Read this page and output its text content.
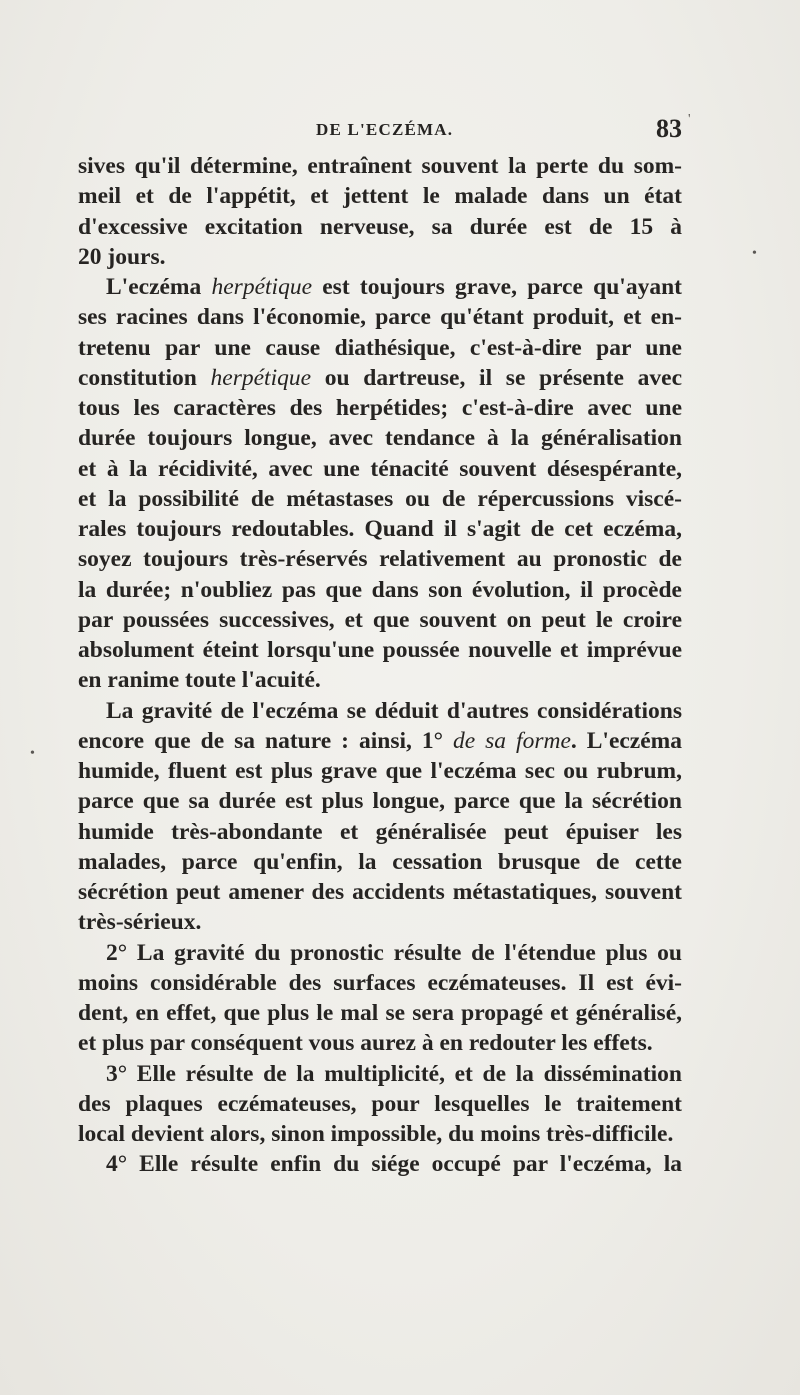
DE L'ECZÉMA.	83
sives qu'il détermine, entraînent souvent la perte du som-
meil et de l'appétit, et jettent le malade dans un état
d'excessive excitation nerveuse, sa durée est de 15 à
20 jours.
L'eczéma herpétique est toujours grave, parce qu'ayant
ses racines dans l'économie, parce qu'étant produit, et en-
tretenu par une cause diathésique, c'est-à-dire par une
constitution herpétique ou dartreuse, il se présente avec
tous les caractères des herpétides; c'est-à-dire avec une
durée toujours longue, avec tendance à la généralisation
et à la récidivité, avec une ténacité souvent désespérante,
et la possibilité de métastases ou de répercussions viscé-
rales toujours redoutables. Quand il s'agit de cet eczéma,
soyez toujours très-réservés relativement au pronostic de
la durée; n'oubliez pas que dans son évolution, il procède
par poussées successives, et que souvent on peut le croire
absolument éteint lorsqu'une poussée nouvelle et imprévue
en ranime toute l'acuité.
La gravité de l'eczéma se déduit d'autres considérations
encore que de sa nature : ainsi, 1° de sa forme. L'eczéma
humide, fluent est plus grave que l'eczéma sec ou rubrum,
parce que sa durée est plus longue, parce que la sécrétion
humide très-abondante et généralisée peut épuiser les
malades, parce qu'enfin, la cessation brusque de cette
sécrétion peut amener des accidents métastatiques, souvent
très-sérieux.
2° La gravité du pronostic résulte de l'étendue plus ou
moins considérable des surfaces eczémateuses. Il est évi-
dent, en effet, que plus le mal se sera propagé et généralisé,
et plus par conséquent vous aurez à en redouter les effets.
3° Elle résulte de la multiplicité, et de la dissémination
des plaques eczémateuses, pour lesquelles le traitement
local devient alors, sinon impossible, du moins très-difficile.
4° Elle résulte enfin du siége occupé par l'eczéma, la
•
•
'
